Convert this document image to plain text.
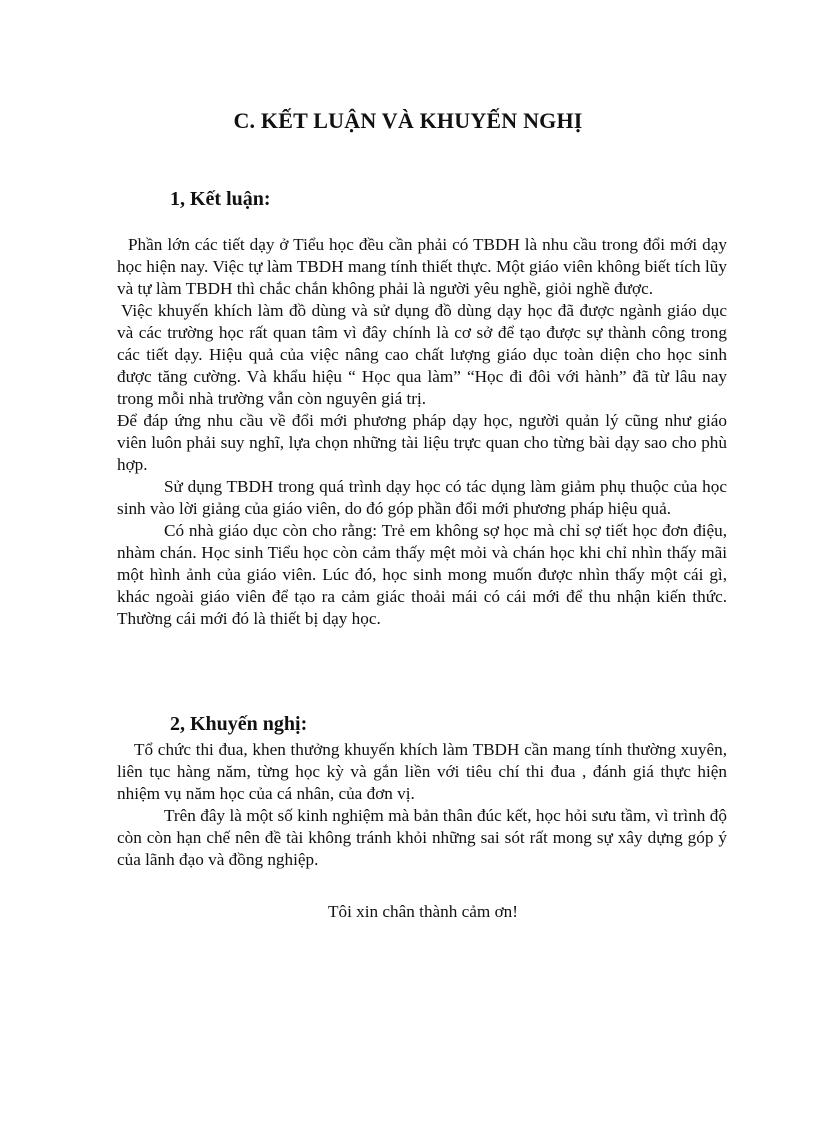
C. KẾT LUẬN VÀ KHUYẾN NGHỊ
1, Kết luận:

Phần lớn các tiết dạy ở Tiểu học đều cần phải có TBDH là nhu cầu trong đổi mới dạy học hiện nay. Việc tự làm TBDH mang tính thiết thực. Một giáo viên không biết tích lũy và tự làm TBDH thì chắc chắn không phải là người yêu nghề, giỏi nghề được.

Việc khuyến khích làm đồ dùng và sử dụng đồ dùng dạy học đã được ngành giáo dục và các trường học rất quan tâm vì đây chính là cơ sở để tạo được sự thành công trong các tiết dạy. Hiệu quả của việc nâng cao chất lượng giáo dục toàn diện cho học sinh được tăng cường. Và khẩu hiệu “ Học qua làm” “Học đi đôi với hành” đã từ lâu nay trong mỗi nhà trường vẫn còn nguyên giá trị.

Để đáp ứng nhu cầu về đổi mới phương pháp dạy học, người quản lý cũng như giáo viên luôn phải suy nghĩ, lựa chọn những tài liệu trực quan cho từng bài dạy sao cho phù hợp.

Sử dụng TBDH trong quá trình dạy học có tác dụng làm giảm phụ thuộc của học sinh vào lời giảng của giáo viên, do đó góp phần đổi mới phương pháp hiệu quả.

Có nhà giáo dục còn cho rằng: Trẻ em không sợ học mà chỉ sợ tiết học đơn điệu, nhàm chán. Học sinh Tiểu học còn cảm thấy mệt mỏi và chán học khi chỉ nhìn thấy mãi một hình ảnh của giáo viên. Lúc đó, học sinh mong muốn được nhìn thấy một cái gì, khác ngoài giáo viên để tạo ra cảm giác thoải mái có cái mới để thu nhận kiến thức. Thường cái mới đó là thiết bị dạy học.

2, Khuyến nghị:

Tổ chức thi đua, khen thưởng khuyến khích làm TBDH cần mang tính thường xuyên, liên tục hàng năm, từng học kỳ và gắn liền với tiêu chí thi đua , đánh giá thực hiện nhiệm vụ năm học của cá nhân, của đơn vị.

Trên đây là một số kinh nghiệm mà bản thân đúc kết, học hỏi sưu tầm, vì trình độ còn còn hạn chế nên đề tài không tránh khỏi những sai sót rất mong sự xây dựng góp ý của lãnh đạo và đồng nghiệp.

Tôi xin chân thành cảm ơn!
